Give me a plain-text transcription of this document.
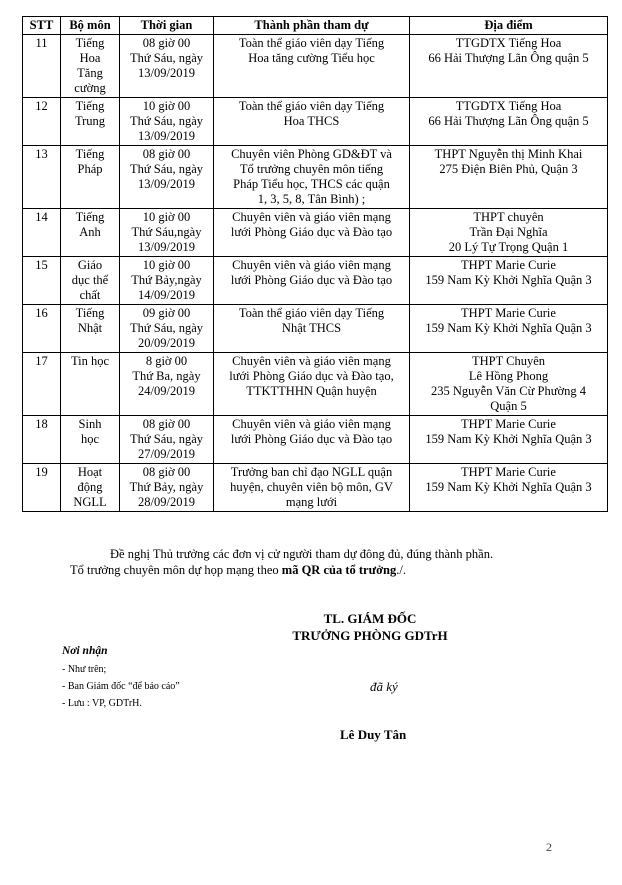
STT	Bộ môn	Thời gian	Thành phần tham dự	Địa điểm
11	Tiếng
Hoa
Tăng
cường	08 giờ 00
Thứ Sáu, ngày
13/09/2019	Toàn thể giáo viên dạy Tiếng
Hoa tăng cường Tiểu học	TTGDTX Tiếng Hoa
66 Hải Thượng Lãn Ông quận 5

12	Tiếng
Trung	10 giờ 00
Thứ Sáu, ngày
13/09/2019	Toàn thể giáo viên dạy Tiếng
Hoa THCS	TTGDTX Tiếng Hoa
66 Hải Thượng Lãn Ông quận 5

13	Tiếng
Pháp	08 giờ 00
Thứ Sáu, ngày
13/09/2019	Chuyên viên Phòng GD&ĐT và
Tổ trưởng chuyên môn tiếng
Pháp Tiểu học, THCS các quận
1, 3, 5, 8, Tân Bình) ;	THPT Nguyễn thị Minh Khai
275 Điện Biên Phủ, Quận 3

14	Tiếng
Anh	10 giờ 00
Thứ Sáu,ngày
13/09/2019	Chuyên viên và giáo viên mạng
lưới Phòng Giáo dục và Đào tạo	THPT chuyên
Trần Đại Nghĩa
20 Lý Tự Trọng Quận 1

15	Giáo
dục thể
chất	10 giờ 00
Thứ Bảy,ngày
14/09/2019	Chuyên viên và giáo viên mạng
lưới Phòng Giáo dục và Đào tạo	THPT Marie Curie
159 Nam Kỳ Khởi Nghĩa Quận 3

16	Tiếng
Nhật	09 giờ 00
Thứ Sáu, ngày
20/09/2019	Toàn thể giáo viên dạy Tiếng
Nhật THCS	THPT Marie Curie
159 Nam Kỳ Khởi Nghĩa Quận 3

17	Tin học	8 giờ 00
Thứ Ba, ngày
24/09/2019	Chuyên viên và giáo viên mạng
lưới Phòng Giáo dục và Đào tạo,
TTKTTHHN Quận huyện	THPT Chuyên
Lê Hồng Phong
235 Nguyễn Văn Cừ Phường 4
Quận 5

18	Sinh
học	08 giờ 00
Thứ Sáu, ngày
27/09/2019	Chuyên viên và giáo viên mạng
lưới Phòng Giáo dục và Đào tạo	THPT Marie Curie
159 Nam Kỳ Khởi Nghĩa Quận 3

19	Hoạt
động
NGLL	08 giờ 00
Thứ Bảy, ngày
28/09/2019	Trưởng ban chỉ đạo NGLL quận
huyện, chuyên viên bộ môn, GV
mạng lưới	THPT Marie Curie
159 Nam Kỳ Khởi Nghĩa Quận 3
Đề nghị Thủ trưởng các đơn vị cử người tham dự đông đủ, đúng thành phần.
Tổ trưởng chuyên môn dự họp mạng theo mã QR của tổ trưởng./.
TL. GIÁM ĐỐC
TRƯỞNG PHÒNG GDTrH
Nơi nhận
- Như trên;
- Ban Giám đốc “để báo cáo”
- Lưu : VP, GDTrH.
đã ký
Lê Duy Tân
2
